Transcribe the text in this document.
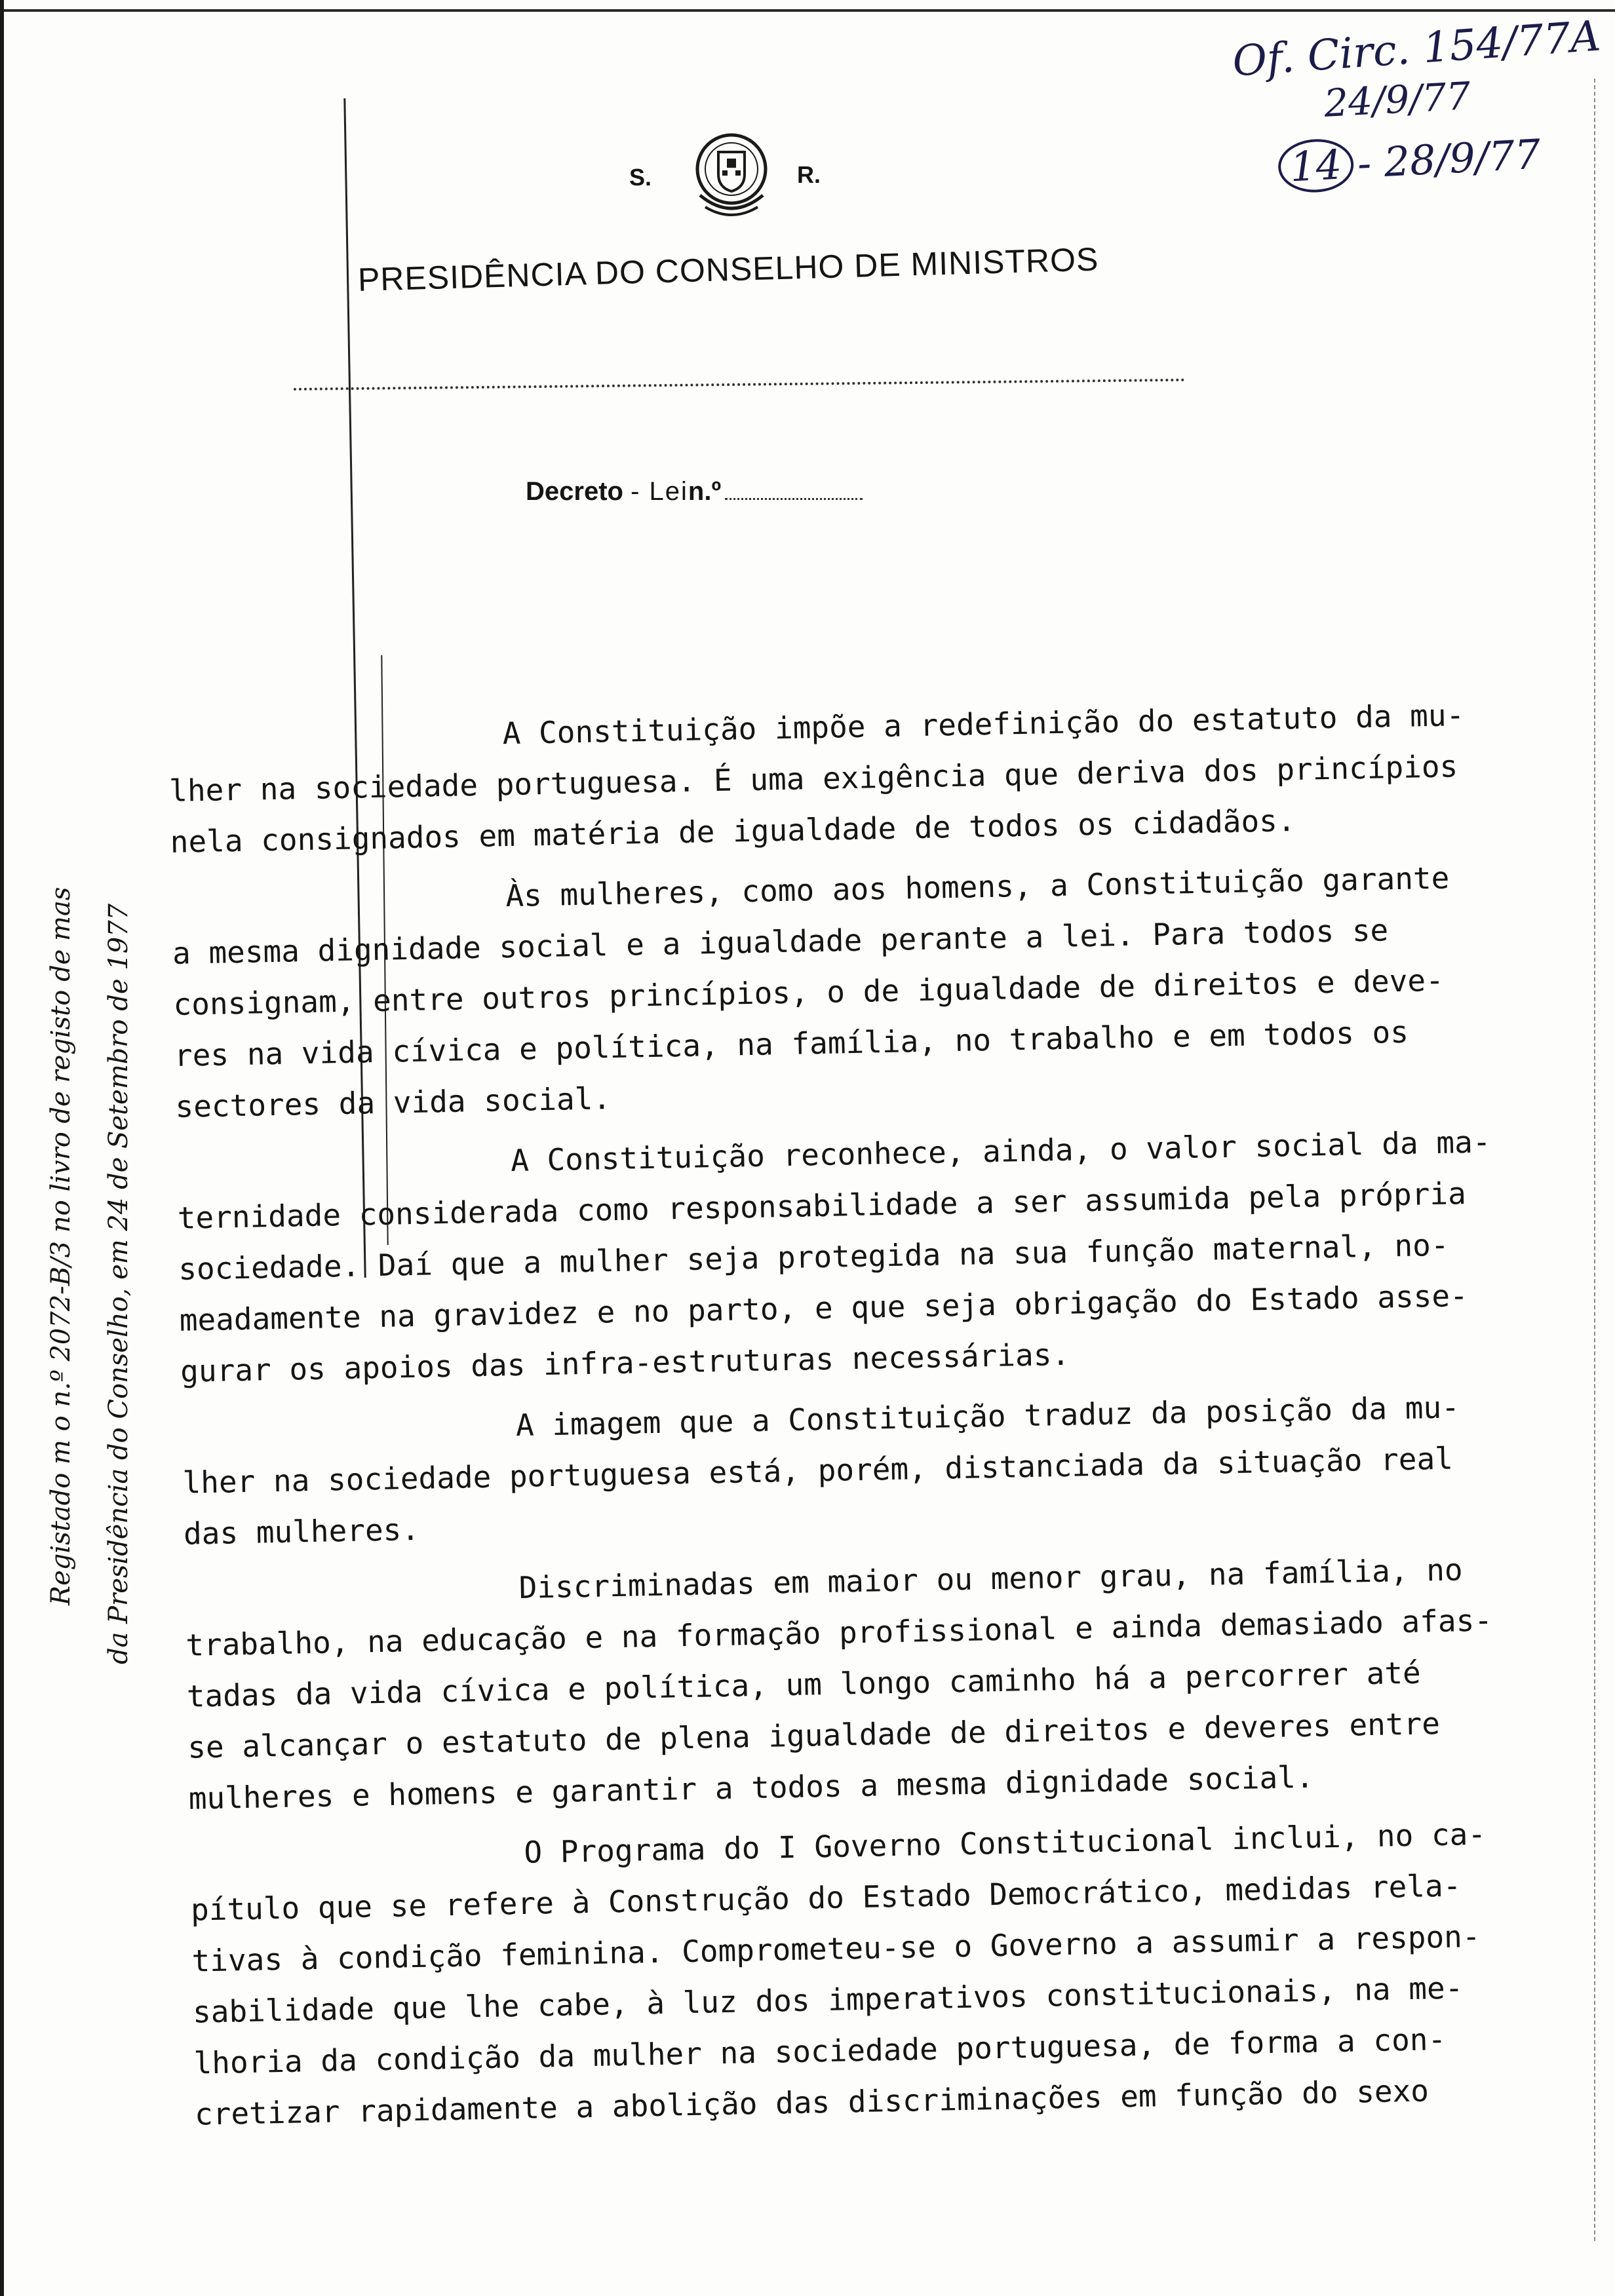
Of. Circ. 154/77A
24/9/77
14 - 28/9/77
S.	R.
PRESIDÊNCIA DO CONSELHO DE MINISTROS
Decreto - Lein.º
Registado m o n.º 2072-B/3 no livro de registo de mas da Presidência do Conselho, em 24 de Setembro de 1977
A Constituição impõe a redefinição do estatuto da mu-
lher na sociedade portuguesa. É uma exigência que deriva dos princípios
nela consignados em matéria de igualdade de todos os cidadãos.
Às mulheres, como aos homens, a Constituição garante
a mesma dignidade social e a igualdade perante a lei. Para todos se
consignam, entre outros princípios, o de igualdade de direitos e deve-
res na vida cívica e política, na família, no trabalho e em todos os
sectores da vida social.
A Constituição reconhece, ainda, o valor social da ma-
ternidade considerada como responsabilidade a ser assumida pela própria
sociedade. Daí que a mulher seja protegida na sua função maternal, no-
meadamente na gravidez e no parto, e que seja obrigação do Estado asse-
gurar os apoios das infra-estruturas necessárias.
A imagem que a Constituição traduz da posição da mu-
lher na sociedade portuguesa está, porém, distanciada da situação real
das mulheres.
Discriminadas em maior ou menor grau, na família, no
trabalho, na educação e na formação profissional e ainda demasiado afas-
tadas da vida cívica e política, um longo caminho há a percorrer até
se alcançar o estatuto de plena igualdade de direitos e deveres entre
mulheres e homens e garantir a todos a mesma dignidade social.
O Programa do I Governo Constitucional inclui, no ca-
pítulo que se refere à Construção do Estado Democrático, medidas rela-
tivas à condição feminina. Comprometeu-se o Governo a assumir a respon-
sabilidade que lhe cabe, à luz dos imperativos constitucionais, na me-
lhoria da condição da mulher na sociedade portuguesa, de forma a con-
cretizar rapidamente a abolição das discriminações em função do sexo
